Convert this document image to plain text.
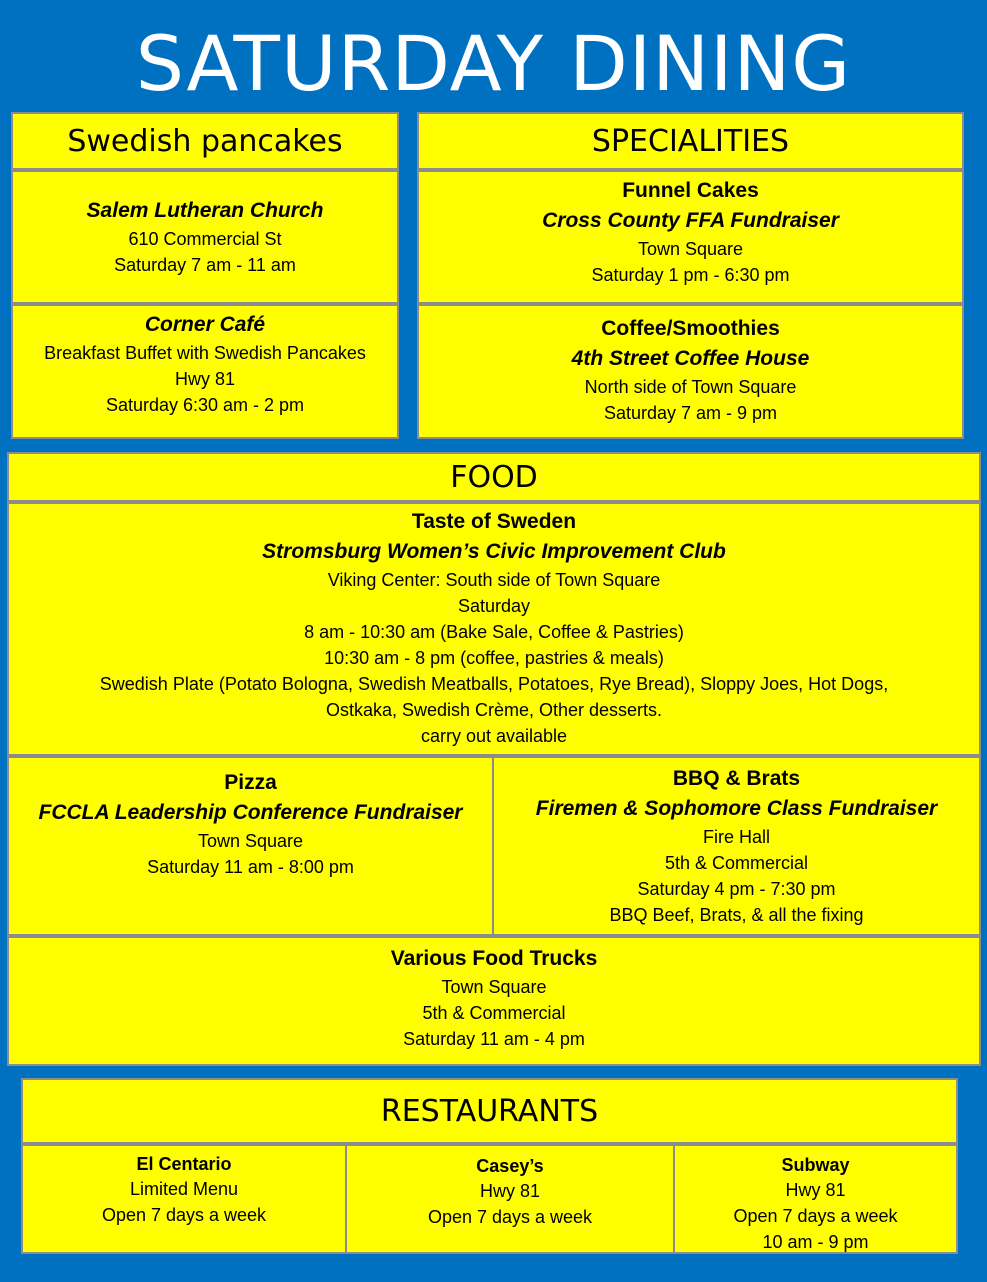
SATURDAY DINING
Swedish pancakes
Salem Lutheran Church
610 Commercial St
Saturday 7 am - 11 am
Corner Café
Breakfast Buffet with Swedish Pancakes
Hwy 81
Saturday 6:30 am - 2 pm
SPECIALITIES
Funnel Cakes
Cross County FFA Fundraiser
Town Square
Saturday 1 pm - 6:30 pm
Coffee/Smoothies
4th Street Coffee House
North side of Town Square
Saturday 7 am - 9 pm
FOOD
Taste of Sweden
Stromsburg Women’s Civic Improvement Club
Viking Center: South side of Town Square
Saturday
8 am - 10:30 am (Bake Sale, Coffee & Pastries)
10:30 am - 8 pm (coffee, pastries & meals)
Swedish Plate (Potato Bologna, Swedish Meatballs, Potatoes, Rye Bread), Sloppy Joes, Hot Dogs,
Ostkaka, Swedish Crème, Other desserts.
carry out available
Pizza
FCCLA Leadership Conference Fundraiser
Town Square
Saturday 11 am - 8:00 pm
BBQ & Brats
Firemen & Sophomore Class Fundraiser
Fire Hall
5th & Commercial
Saturday 4 pm - 7:30 pm
BBQ Beef, Brats, & all the fixing
Various Food Trucks
Town Square
5th & Commercial
Saturday 11 am - 4 pm
RESTAURANTS
El Centario
Limited Menu
Open 7 days a week
Casey’s
Hwy 81
Open 7 days a week
Subway
Hwy 81
Open 7 days a week
10 am - 9 pm
